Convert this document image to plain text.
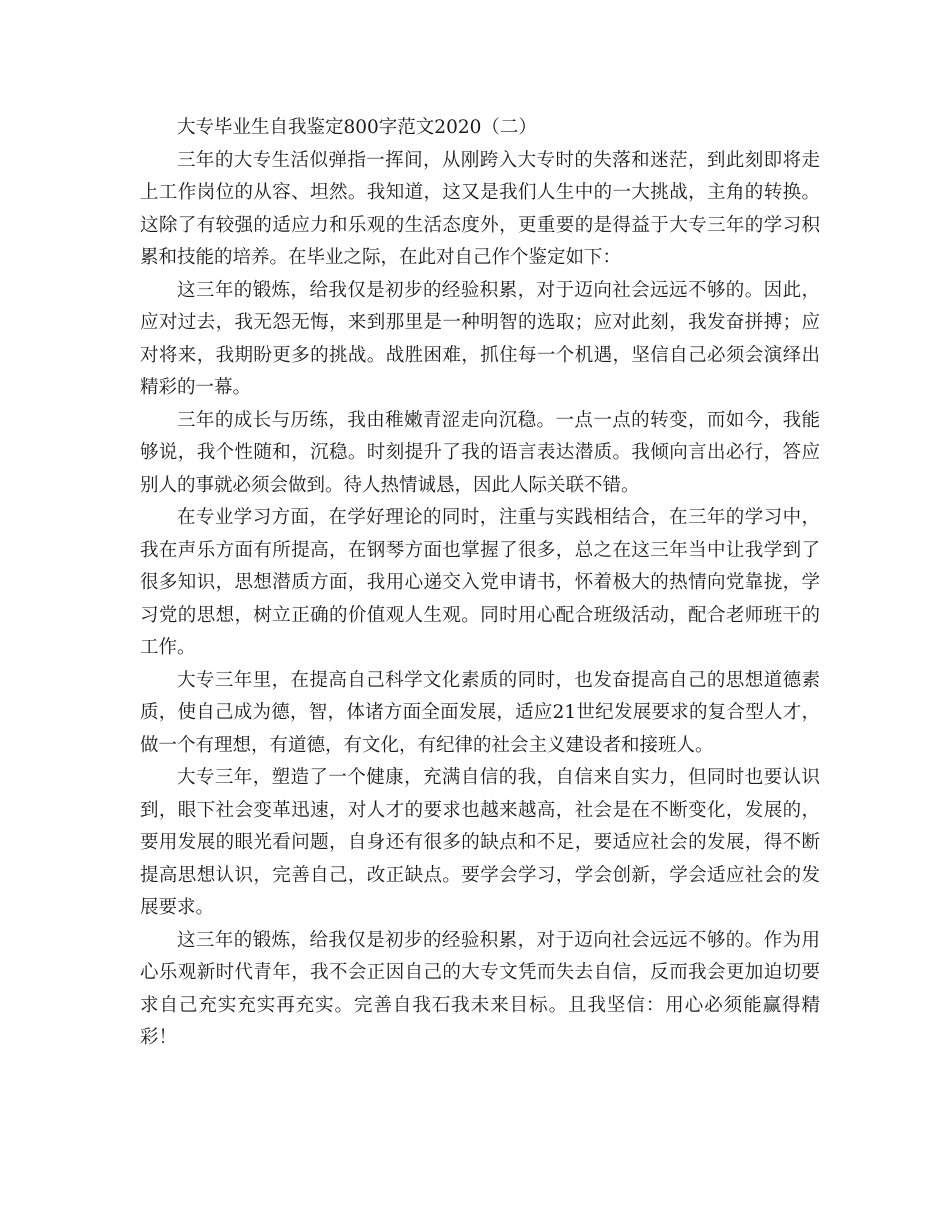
大专毕业生自我鉴定800字范文2020（二）

三年的大专生活似弹指一挥间，从刚跨入大专时的失落和迷茫，到此刻即将走上工作岗位的从容、坦然。我知道，这又是我们人生中的一大挑战，主角的转换。这除了有较强的适应力和乐观的生活态度外，更重要的是得益于大专三年的学习积累和技能的培养。在毕业之际，在此对自己作个鉴定如下：

这三年的锻炼，给我仅是初步的经验积累，对于迈向社会远远不够的。因此，应对过去，我无怨无悔，来到那里是一种明智的选取；应对此刻，我发奋拼搏；应对将来，我期盼更多的挑战。战胜困难，抓住每一个机遇，坚信自己必须会演绎出精彩的一幕。

三年的成长与历练，我由稚嫩青涩走向沉稳。一点一点的转变，而如今，我能够说，我个性随和，沉稳。时刻提升了我的语言表达潜质。我倾向言出必行，答应别人的事就必须会做到。待人热情诚恳，因此人际关联不错。

在专业学习方面，在学好理论的同时，注重与实践相结合，在三年的学习中，我在声乐方面有所提高，在钢琴方面也掌握了很多，总之在这三年当中让我学到了很多知识，思想潜质方面，我用心递交入党申请书，怀着极大的热情向党靠拢，学习党的思想，树立正确的价值观人生观。同时用心配合班级活动，配合老师班干的工作。

大专三年里，在提高自己科学文化素质的同时，也发奋提高自己的思想道德素质，使自己成为德，智，体诸方面全面发展，适应21世纪发展要求的复合型人才，做一个有理想，有道德，有文化，有纪律的社会主义建设者和接班人。

大专三年，塑造了一个健康，充满自信的我，自信来自实力，但同时也要认识到，眼下社会变革迅速，对人才的要求也越来越高，社会是在不断变化，发展的，要用发展的眼光看问题，自身还有很多的缺点和不足，要适应社会的发展，得不断提高思想认识，完善自己，改正缺点。要学会学习，学会创新，学会适应社会的发展要求。

这三年的锻炼，给我仅是初步的经验积累，对于迈向社会远远不够的。作为用心乐观新时代青年，我不会正因自己的大专文凭而失去自信，反而我会更加迫切要求自己充实充实再充实。完善自我石我未来目标。且我坚信：用心必须能赢得精彩！
